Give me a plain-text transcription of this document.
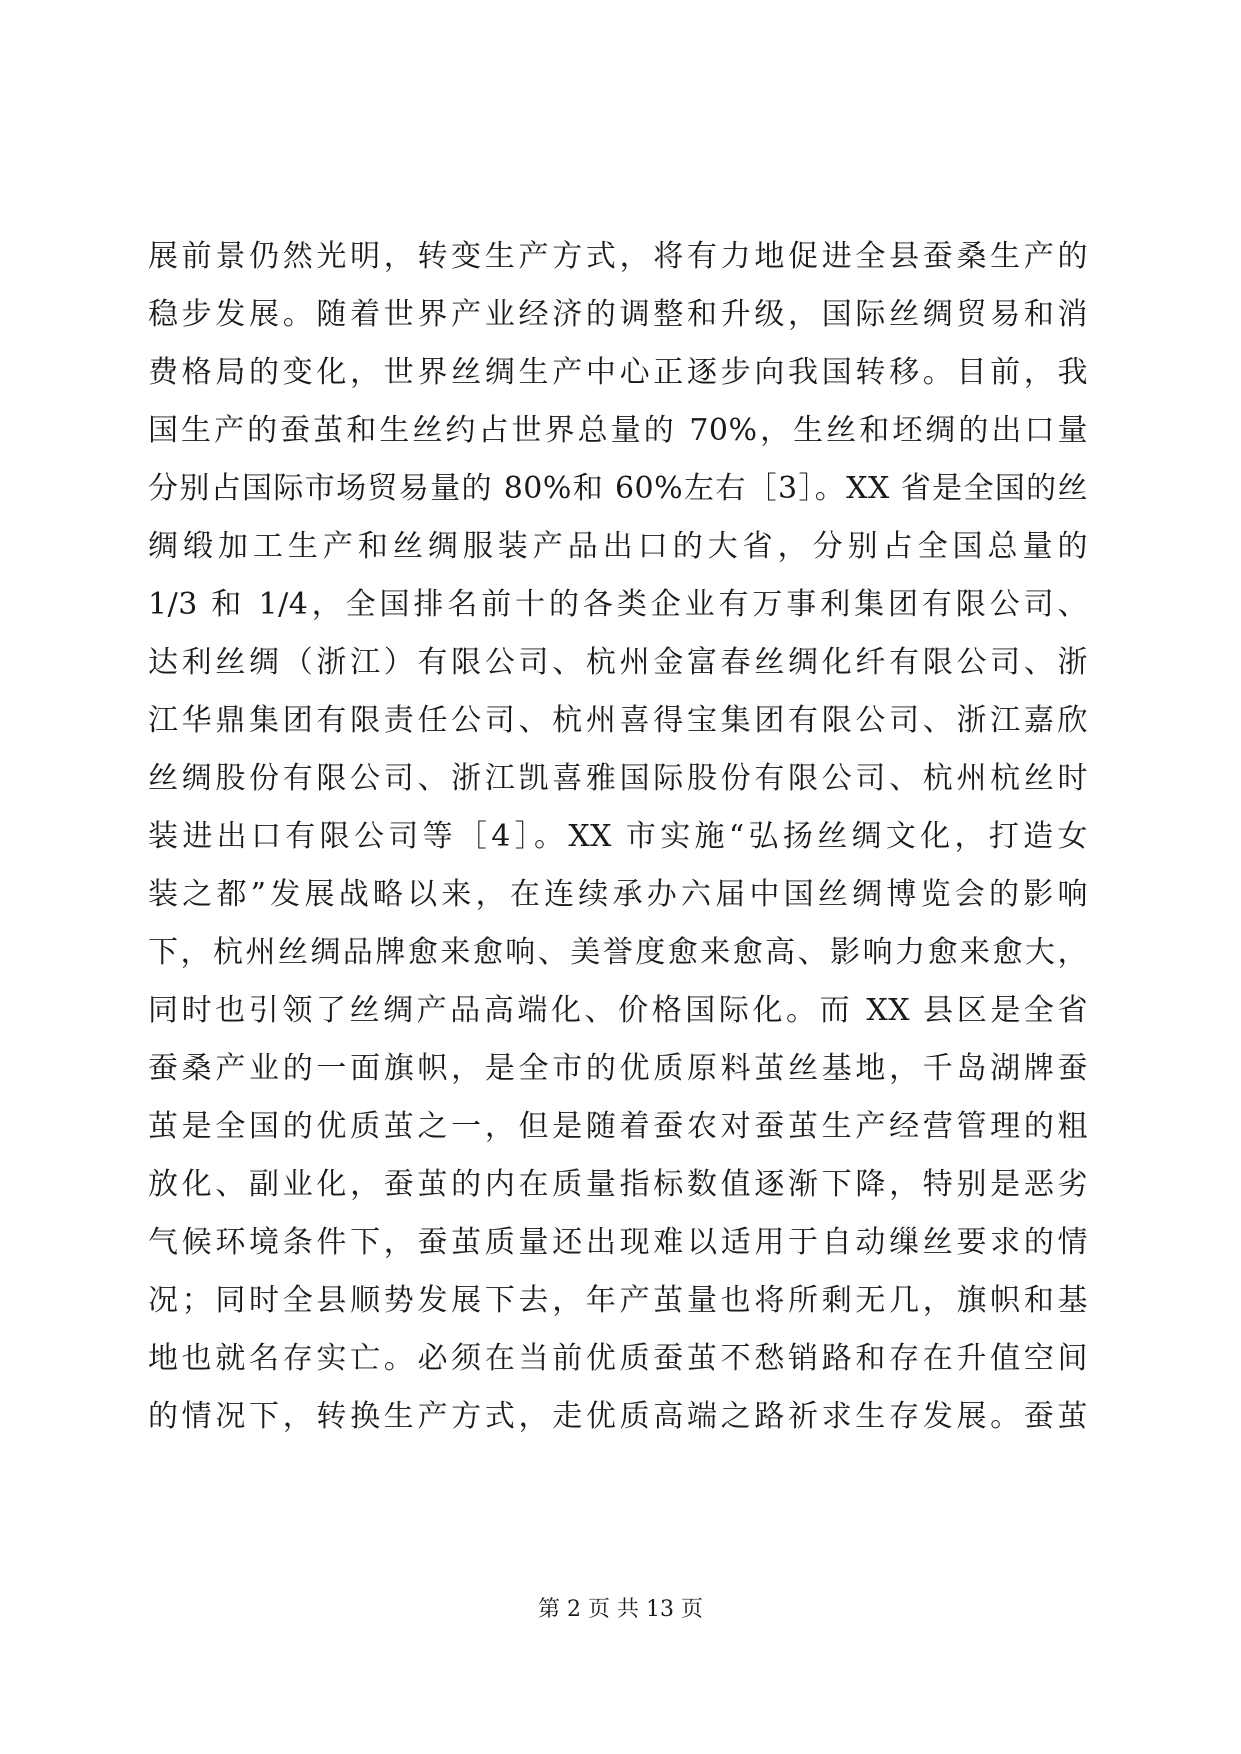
展前景仍然光明，转变生产方式，将有力地促进全县蚕桑生产的
稳步发展。随着世界产业经济的调整和升级，国际丝绸贸易和消
费格局的变化，世界丝绸生产中心正逐步向我国转移。目前，我
国生产的蚕茧和生丝约占世界总量的 70%，生丝和坯绸的出口量
分别占国际市场贸易量的 80%和 60%左右［3］。XX 省是全国的丝
绸缎加工生产和丝绸服装产品出口的大省，分别占全国总量的
1/3 和 1/4，全国排名前十的各类企业有万事利集团有限公司、
达利丝绸（浙江）有限公司、杭州金富春丝绸化纤有限公司、浙
江华鼎集团有限责任公司、杭州喜得宝集团有限公司、浙江嘉欣
丝绸股份有限公司、浙江凯喜雅国际股份有限公司、杭州杭丝时
装进出口有限公司等［4］。XX 市实施“弘扬丝绸文化，打造女
装之都”发展战略以来，在连续承办六届中国丝绸博览会的影响
下，杭州丝绸品牌愈来愈响、美誉度愈来愈高、影响力愈来愈大，
同时也引领了丝绸产品高端化、价格国际化。而 XX 县区是全省
蚕桑产业的一面旗帜，是全市的优质原料茧丝基地，千岛湖牌蚕
茧是全国的优质茧之一，但是随着蚕农对蚕茧生产经营管理的粗
放化、副业化，蚕茧的内在质量指标数值逐渐下降，特别是恶劣
气候环境条件下，蚕茧质量还出现难以适用于自动缫丝要求的情
况；同时全县顺势发展下去，年产茧量也将所剩无几，旗帜和基
地也就名存实亡。必须在当前优质蚕茧不愁销路和存在升值空间
的情况下，转换生产方式，走优质高端之路祈求生存发展。蚕茧
第 2 页 共 13 页
